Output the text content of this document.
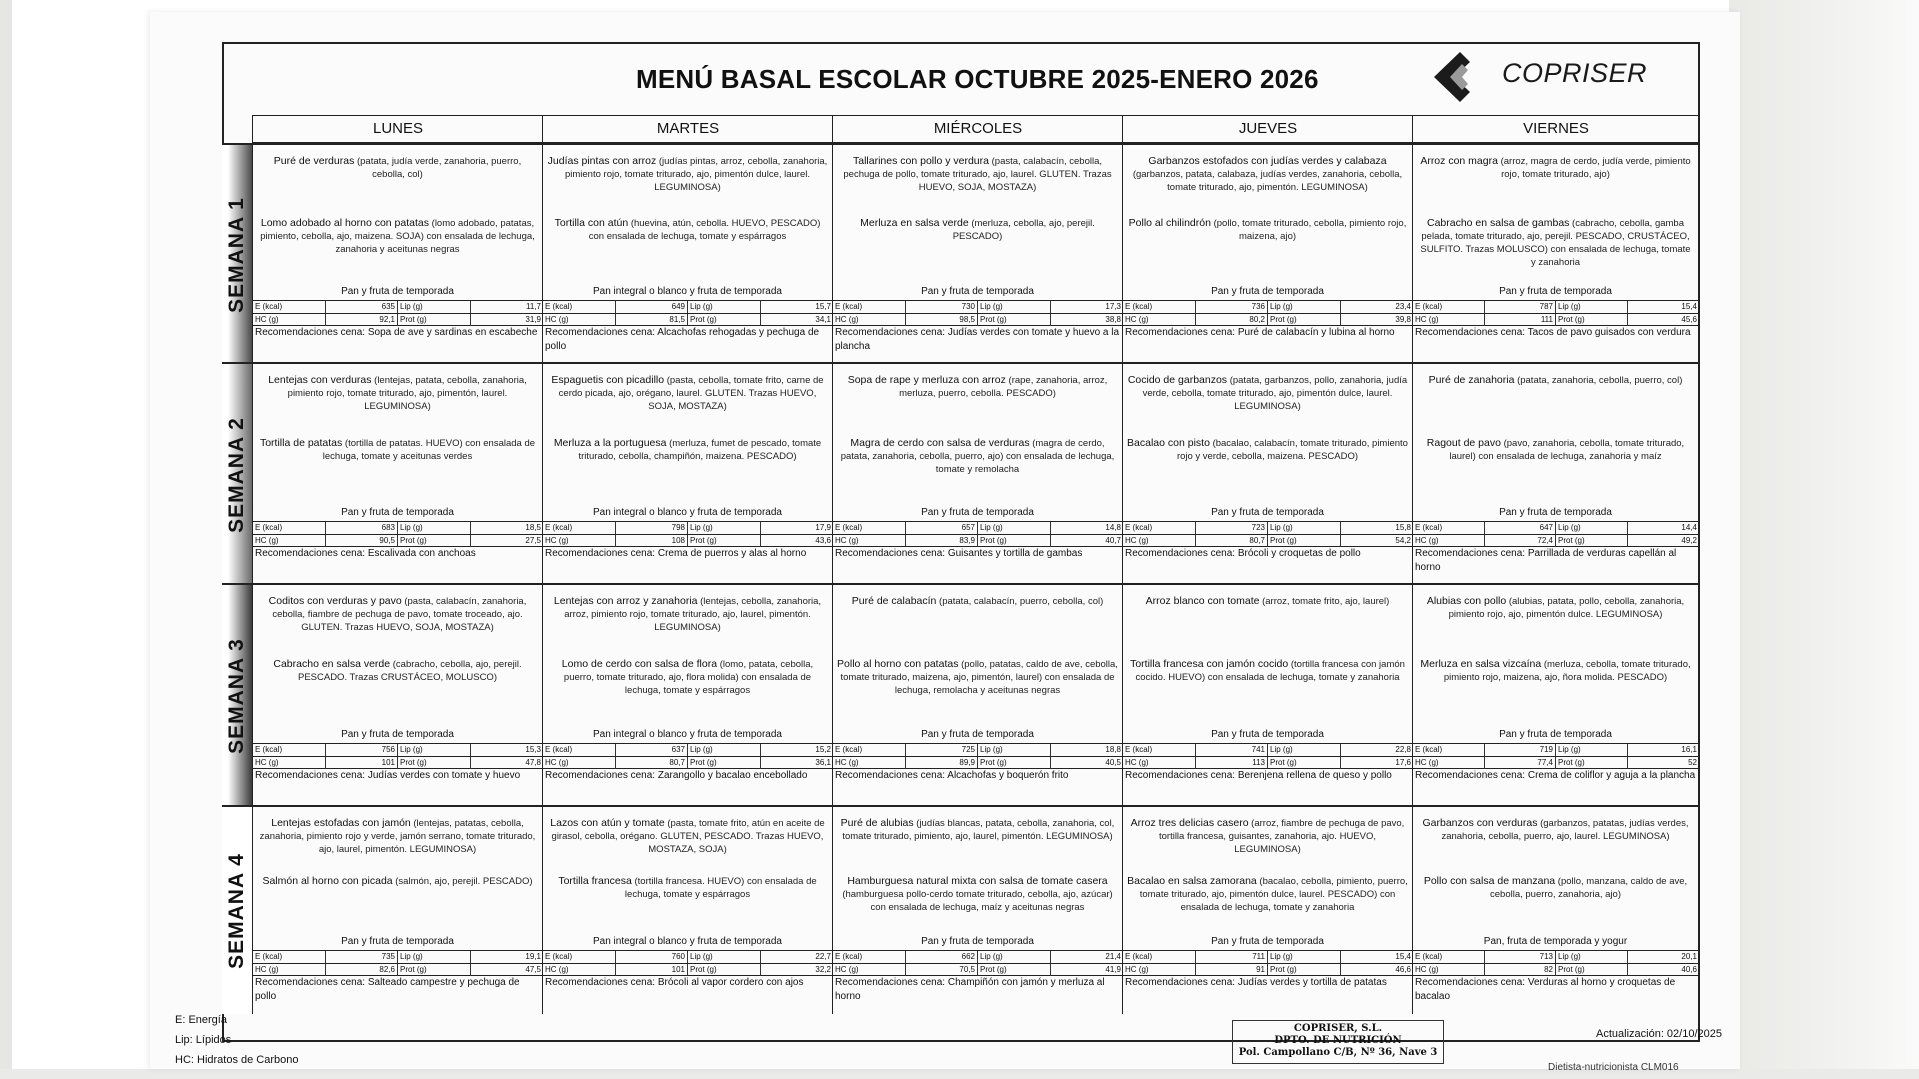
MENÚ BASAL ESCOLAR OCTUBRE 2025-ENERO 2026	COPRISER
LUNES	MARTES	MIÉRCOLES	JUEVES	VIERNES
SEMANA 1
Puré de verduras (patata, judía verde, zanahoria, puerro, cebolla, col)
Lomo adobado al horno con patatas (lomo adobado, patatas, pimiento, cebolla, ajo, maizena. SOJA) con ensalada de lechuga, zanahoria y aceitunas negras
Pan y fruta de temporada
E (kcal)	635 Lip (g)	11,7
HC (g)	92,1 Prot (g)	31,9
Recomendaciones cena: Sopa de ave y sardinas en escabeche
Judías pintas con arroz (judías pintas, arroz, cebolla, zanahoria, pimiento rojo, tomate triturado, ajo, pimentón dulce, laurel. LEGUMINOSA)
Tortilla con atún (huevina, atún, cebolla. HUEVO, PESCADO) con ensalada de lechuga, tomate y espárragos
Pan integral o blanco y fruta de temporada
E (kcal)	649 Lip (g)	15,7
HC (g)	81,5 Prot (g)	34,1
Recomendaciones cena: Alcachofas rehogadas y pechuga de pollo
Tallarines con pollo y verdura (pasta, calabacín, cebolla, pechuga de pollo, tomate triturado, ajo, laurel. GLUTEN. Trazas HUEVO, SOJA, MOSTAZA)
Merluza en salsa verde (merluza, cebolla, ajo, perejil. PESCADO)
Pan y fruta de temporada
E (kcal)	730 Lip (g)	17,3
HC (g)	98,5 Prot (g)	38,8
Recomendaciones cena: Judías verdes con tomate y huevo a la plancha
Garbanzos estofados con judías verdes y calabaza (garbanzos, patata, calabaza, judías verdes, zanahoria, cebolla, tomate triturado, ajo, pimentón. LEGUMINOSA)
Pollo al chilindrón (pollo, tomate triturado, cebolla, pimiento rojo, maizena, ajo)
Pan y fruta de temporada
E (kcal)	736 Lip (g)	23,4
HC (g)	80,2 Prot (g)	39,8
Recomendaciones cena: Puré de calabacín y lubina al horno
Arroz con magra (arroz, magra de cerdo, judía verde, pimiento rojo, tomate triturado, ajo)
Cabracho en salsa de gambas (cabracho, cebolla, gamba pelada, tomate triturado, ajo, perejil. PESCADO, CRUSTÁCEO, SULFITO. Trazas MOLUSCO) con ensalada de lechuga, tomate y zanahoria
Pan y fruta de temporada
E (kcal)	787 Lip (g)	15,4
HC (g)	111 Prot (g)	45,6
Recomendaciones cena: Tacos de pavo guisados con verdura
SEMANA 2
Lentejas con verduras (lentejas, patata, cebolla, zanahoria, pimiento rojo, tomate triturado, ajo, pimentón, laurel. LEGUMINOSA)
Tortilla de patatas (tortilla de patatas. HUEVO) con ensalada de lechuga, tomate y aceitunas verdes
Pan y fruta de temporada
E (kcal)	683 Lip (g)	18,5
HC (g)	90,5 Prot (g)	27,5
Recomendaciones cena: Escalivada con anchoas
Espaguetis con picadillo (pasta, cebolla, tomate frito, carne de cerdo picada, ajo, orégano, laurel. GLUTEN. Trazas HUEVO, SOJA, MOSTAZA)
Merluza a la portuguesa (merluza, fumet de pescado, tomate triturado, cebolla, champiñón, maizena. PESCADO)
Pan integral o blanco y fruta de temporada
E (kcal)	798 Lip (g)	17,9
HC (g)	108 Prot (g)	43,6
Recomendaciones cena: Crema de puerros y alas al horno
Sopa de rape y merluza con arroz (rape, zanahoria, arroz, merluza, puerro, cebolla. PESCADO)
Magra de cerdo con salsa de verduras (magra de cerdo, patata, zanahoria, cebolla, puerro, ajo) con ensalada de lechuga, tomate y remolacha
Pan y fruta de temporada
E (kcal)	657 Lip (g)	14,8
HC (g)	83,9 Prot (g)	40,7
Recomendaciones cena: Guisantes y tortilla de gambas
Cocido de garbanzos (patata, garbanzos, pollo, zanahoria, judía verde, cebolla, tomate triturado, ajo, pimentón dulce, laurel. LEGUMINOSA)
Bacalao con pisto (bacalao, calabacín, tomate triturado, pimiento rojo y verde, cebolla, maizena. PESCADO)
Pan y fruta de temporada
E (kcal)	723 Lip (g)	15,8
HC (g)	80,7 Prot (g)	54,2
Recomendaciones cena: Brócoli y croquetas de pollo
Puré de zanahoria (patata, zanahoria, cebolla, puerro, col)
Ragout de pavo (pavo, zanahoria, cebolla, tomate triturado, laurel) con ensalada de lechuga, zanahoria y maíz
Pan y fruta de temporada
E (kcal)	647 Lip (g)	14,4
HC (g)	72,4 Prot (g)	49,2
Recomendaciones cena: Parrillada de verduras capellán al horno
SEMANA 3
Coditos con verduras y pavo (pasta, calabacín, zanahoria, cebolla, fiambre de pechuga de pavo, tomate troceado, ajo. GLUTEN. Trazas HUEVO, SOJA, MOSTAZA)
Cabracho en salsa verde (cabracho, cebolla, ajo, perejil. PESCADO. Trazas CRUSTÁCEO, MOLUSCO)
Pan y fruta de temporada
E (kcal)	756 Lip (g)	15,3
HC (g)	101 Prot (g)	47,8
Recomendaciones cena: Judías verdes con tomate y huevo
Lentejas con arroz y zanahoria (lentejas, cebolla, zanahoria, arroz, pimiento rojo, tomate triturado, ajo, laurel, pimentón. LEGUMINOSA)
Lomo de cerdo con salsa de flora (lomo, patata, cebolla, puerro, tomate triturado, ajo, flora molida) con ensalada de lechuga, tomate y espárragos
Pan integral o blanco y fruta de temporada
E (kcal)	637 Lip (g)	15,2
HC (g)	80,7 Prot (g)	36,1
Recomendaciones cena: Zarangollo y bacalao encebollado
Puré de calabacín (patata, calabacín, puerro, cebolla, col)
Pollo al horno con patatas (pollo, patatas, caldo de ave, cebolla, tomate triturado, maizena, ajo, pimentón, laurel) con ensalada de lechuga, remolacha y aceitunas negras
Pan y fruta de temporada
E (kcal)	725 Lip (g)	18,8
HC (g)	89,9 Prot (g)	40,5
Recomendaciones cena: Alcachofas y boquerón frito
Arroz blanco con tomate (arroz, tomate frito, ajo, laurel)
Tortilla francesa con jamón cocido (tortilla francesa con jamón cocido. HUEVO) con ensalada de lechuga, tomate y zanahoria
Pan y fruta de temporada
E (kcal)	741 Lip (g)	22,8
HC (g)	113 Prot (g)	17,6
Recomendaciones cena: Berenjena rellena de queso y pollo
Alubias con pollo (alubias, patata, pollo, cebolla, zanahoria, pimiento rojo, ajo, pimentón dulce. LEGUMINOSA)
Merluza en salsa vizcaína (merluza, cebolla, tomate triturado, pimiento rojo, maizena, ajo, ñora molida. PESCADO)
Pan y fruta de temporada
E (kcal)	719 Lip (g)	16,1
HC (g)	77,4 Prot (g)	52
Recomendaciones cena: Crema de coliflor y aguja a la plancha
SEMANA 4
Lentejas estofadas con jamón (lentejas, patatas, cebolla, zanahoria, pimiento rojo y verde, jamón serrano, tomate triturado, ajo, laurel, pimentón. LEGUMINOSA)
Salmón al horno con picada (salmón, ajo, perejil. PESCADO)
Pan y fruta de temporada
E (kcal)	735 Lip (g)	19,1
HC (g)	82,6 Prot (g)	47,5
Recomendaciones cena: Salteado campestre y pechuga de pollo
Lazos con atún y tomate (pasta, tomate frito, atún en aceite de girasol, cebolla, orégano. GLUTEN, PESCADO. Trazas HUEVO, MOSTAZA, SOJA)
Tortilla francesa (tortilla francesa. HUEVO) con ensalada de lechuga, tomate y espárragos
Pan integral o blanco y fruta de temporada
E (kcal)	760 Lip (g)	22,7
HC (g)	101 Prot (g)	32,2
Recomendaciones cena: Brócoli al vapor cordero con ajos
Puré de alubias (judías blancas, patata, cebolla, zanahoria, col, tomate triturado, pimiento, ajo, laurel, pimentón. LEGUMINOSA)
Hamburguesa natural mixta con salsa de tomate casera (hamburguesa pollo-cerdo tomate triturado, cebolla, ajo, azúcar) con ensalada de lechuga, maíz y aceitunas negras
Pan y fruta de temporada
E (kcal)	662 Lip (g)	21,4
HC (g)	70,5 Prot (g)	41,9
Recomendaciones cena: Champiñón con jamón y merluza al horno
Arroz tres delicias casero (arroz, fiambre de pechuga de pavo, tortilla francesa, guisantes, zanahoria, ajo. HUEVO, LEGUMINOSA)
Bacalao en salsa zamorana (bacalao, cebolla, pimiento, puerro, tomate triturado, ajo, pimentón dulce, laurel. PESCADO) con ensalada de lechuga, tomate y zanahoria
Pan y fruta de temporada
E (kcal)	711 Lip (g)	15,4
HC (g)	91 Prot (g)	46,6
Recomendaciones cena: Judías verdes y tortilla de patatas
Garbanzos con verduras (garbanzos, patatas, judías verdes, zanahoria, cebolla, puerro, ajo, laurel. LEGUMINOSA)
Pollo con salsa de manzana (pollo, manzana, caldo de ave, cebolla, puerro, zanahoria, ajo)
Pan, fruta de temporada y yogur
E (kcal)	713 Lip (g)	20,1
HC (g)	82 Prot (g)	40,6
Recomendaciones cena: Verduras al horno y croquetas de bacalao
E: Energía
Lip: Lípidos
HC: Hidratos de Carbono
COPRISER, S.L.
DPTO. DE NUTRICIÓN
Pol. Campollano C/B, Nº 36, Nave 3
Actualización: 02/10/2025
Dietista-nutricionista CLM016
